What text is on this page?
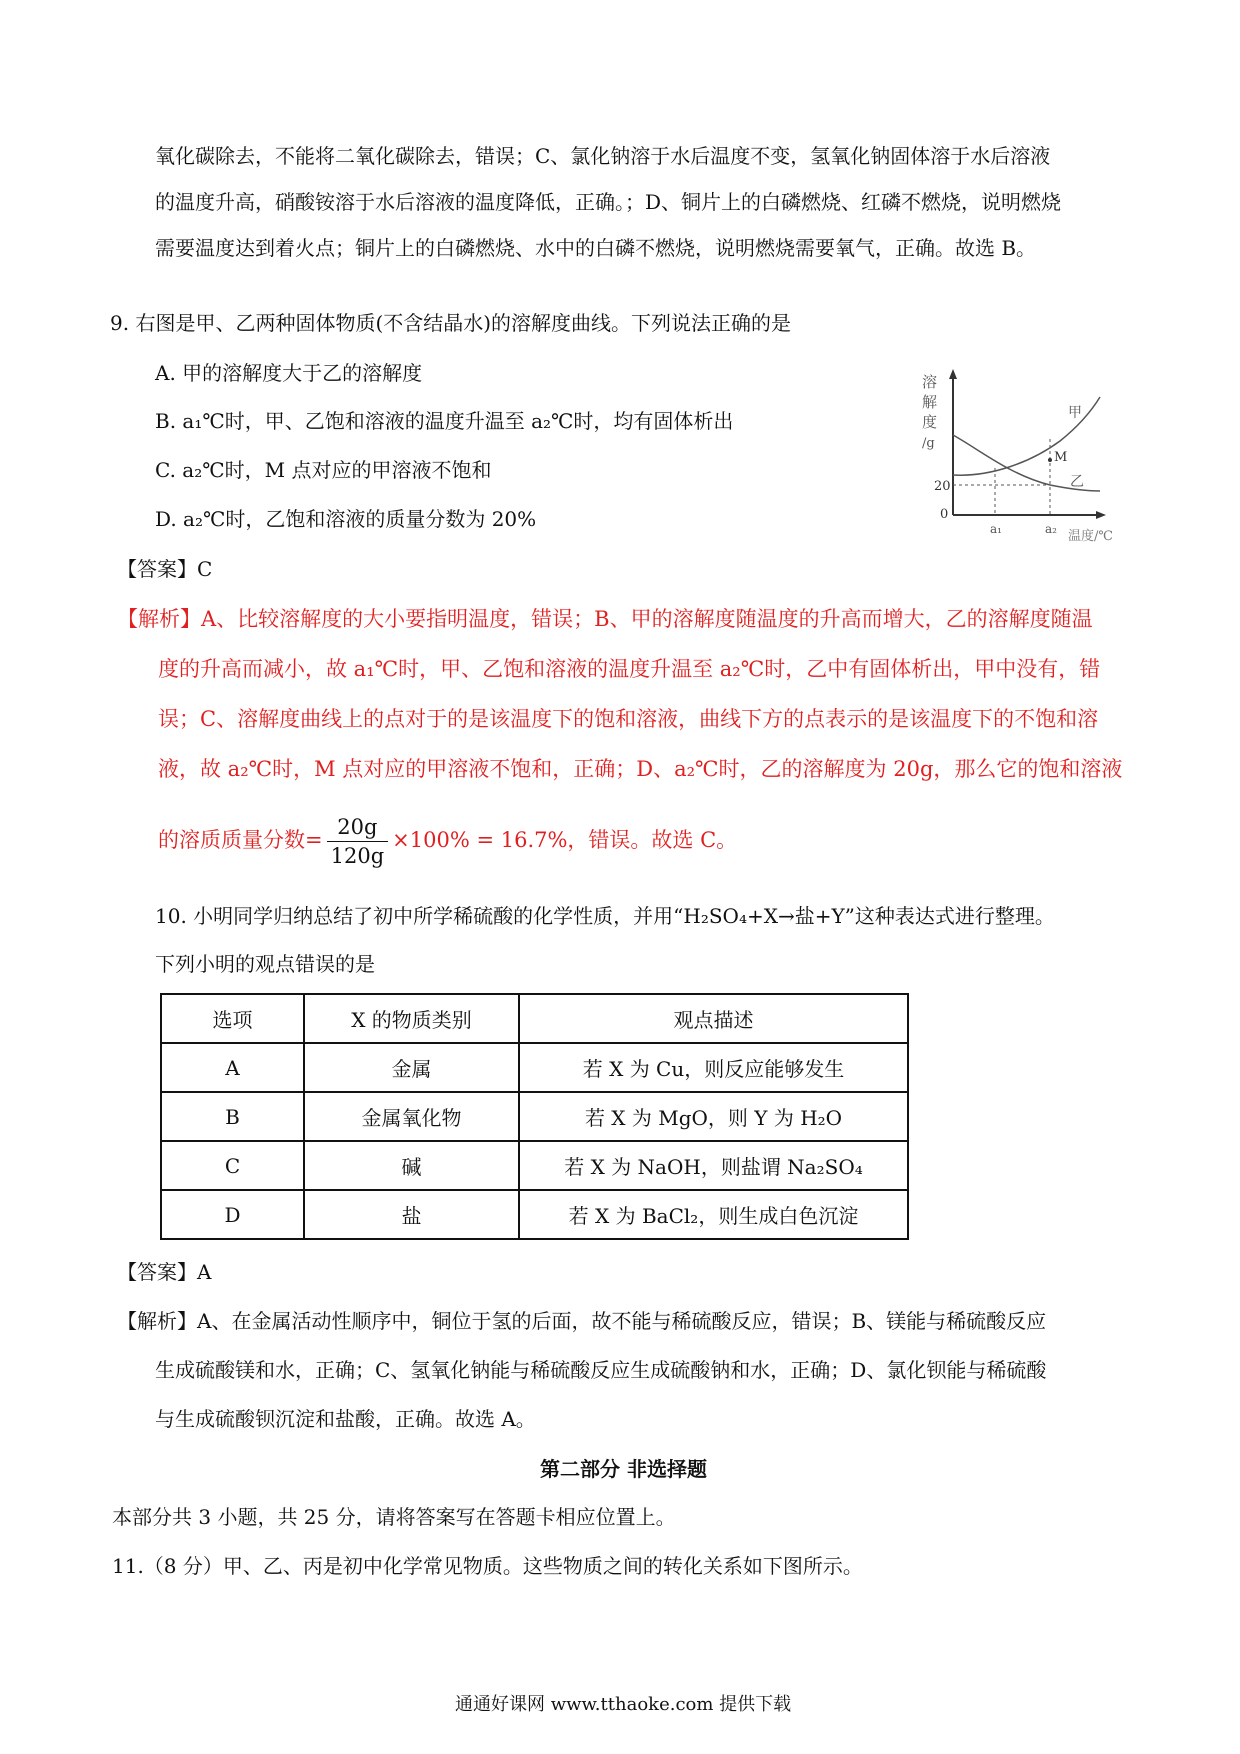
氧化碳除去，不能将二氧化碳除去，错误；C、氯化钠溶于水后温度不变，氢氧化钠固体溶于水后溶液
的温度升高，硝酸铵溶于水后溶液的温度降低，正确。；D、铜片上的白磷燃烧、红磷不燃烧，说明燃烧
需要温度达到着火点；铜片上的白磷燃烧、水中的白磷不燃烧，说明燃烧需要氧气，正确。故选 B。
9. 右图是甲、乙两种固体物质(不含结晶水)的溶解度曲线。下列说法正确的是
A. 甲的溶解度大于乙的溶解度
B. a₁℃时，甲、乙饱和溶液的温度升温至 a₂℃时，均有固体析出
C. a₂℃时，M 点对应的甲溶液不饱和
D. a₂℃时，乙饱和溶液的质量分数为 20%
溶
解
度
/g
甲
乙
M
20
0
a₁	a₂ 温度/℃
【答案】C
【解析】A、比较溶解度的大小要指明温度，错误；B、甲的溶解度随温度的升高而增大，乙的溶解度随温
度的升高而减小，故 a₁℃时，甲、乙饱和溶液的温度升温至 a₂℃时，乙中有固体析出，甲中没有，错
误；C、溶解度曲线上的点对于的是该温度下的饱和溶液，曲线下方的点表示的是该温度下的不饱和溶
液，故 a₂℃时，M 点对应的甲溶液不饱和，正确；D、a₂℃时，乙的溶解度为 20g，那么它的饱和溶液
的溶质质量分数= $\frac{20g}{120g} \times 100\% = 16.7\%$，错误。故选 C。
10. 小明同学归纳总结了初中所学稀硫酸的化学性质，并用“H₂SO₄+X→盐+Y”这种表达式进行整理。
下列小明的观点错误的是
选项	X 的物质类别	观点描述
A	金属	若 X 为 Cu，则反应能够发生
B	金属氧化物	若 X 为 MgO，则 Y 为 H₂O
C	碱	若 X 为 NaOH，则盐谓 Na₂SO₄
D	盐	若 X 为 BaCl₂，则生成白色沉淀
【答案】A
【解析】A、在金属活动性顺序中，铜位于氢的后面，故不能与稀硫酸反应，错误；B、镁能与稀硫酸反应
生成硫酸镁和水，正确；C、氢氧化钠能与稀硫酸反应生成硫酸钠和水，正确；D、氯化钡能与稀硫酸
与生成硫酸钡沉淀和盐酸，正确。故选 A。
第二部分 非选择题
本部分共 3 小题，共 25 分，请将答案写在答题卡相应位置上。
11.（8 分）甲、乙、丙是初中化学常见物质。这些物质之间的转化关系如下图所示。
通通好课网 www.tthaoke.com 提供下载
